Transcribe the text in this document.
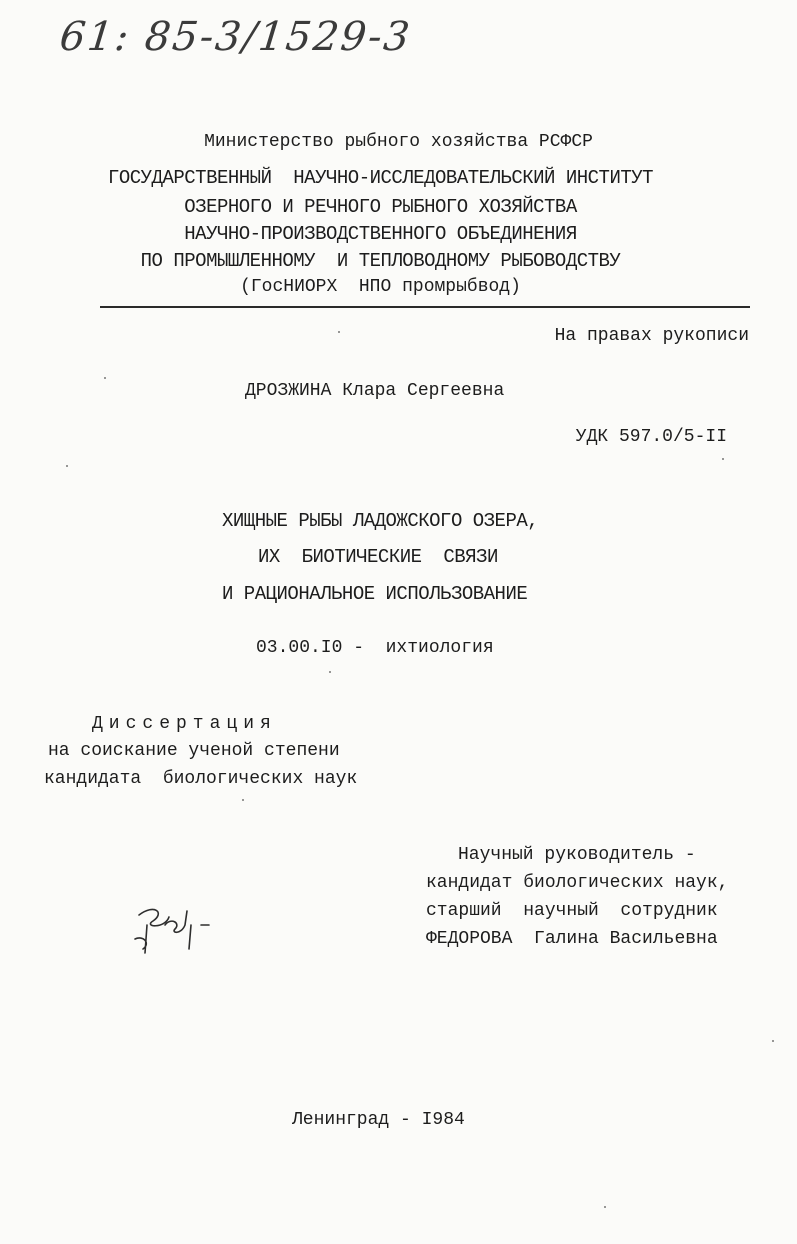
61: 85-3/1529-3
Министерство рыбного хозяйства РСФСР
ГОСУДАРСТВЕННЫЙ  НАУЧНО-ИССЛЕДОВАТЕЛЬСКИЙ ИНСТИТУТ
ОЗЕРНОГО И РЕЧНОГО РЫБНОГО ХОЗЯЙСТВА
НАУЧНО-ПРОИЗВОДСТВЕННОГО ОБЪЕДИНЕНИЯ
ПО ПРОМЫШЛЕННОМУ  И ТЕПЛОВОДНОМУ РЫБОВОДСТВУ
(ГосНИОРХ  НПО промрыбвод)
На правах рукописи
ДРОЗЖИНА Клара Сергеевна
УДК 597.0/5-II
ХИЩНЫЕ РЫБЫ ЛАДОЖСКОГО ОЗЕРА,
ИХ  БИОТИЧЕСКИЕ  СВЯЗИ
И РАЦИОНАЛЬНОЕ ИСПОЛЬЗОВАНИЕ
03.00.I0 -  ихтиология
Диссертация
на соискание ученой степени
кандидата  биологических наук
Научный руководитель -
кандидат биологических наук,
старший  научный  сотрудник
ФЕДОРОВА  Галина Васильевна
Ленинград - I984
